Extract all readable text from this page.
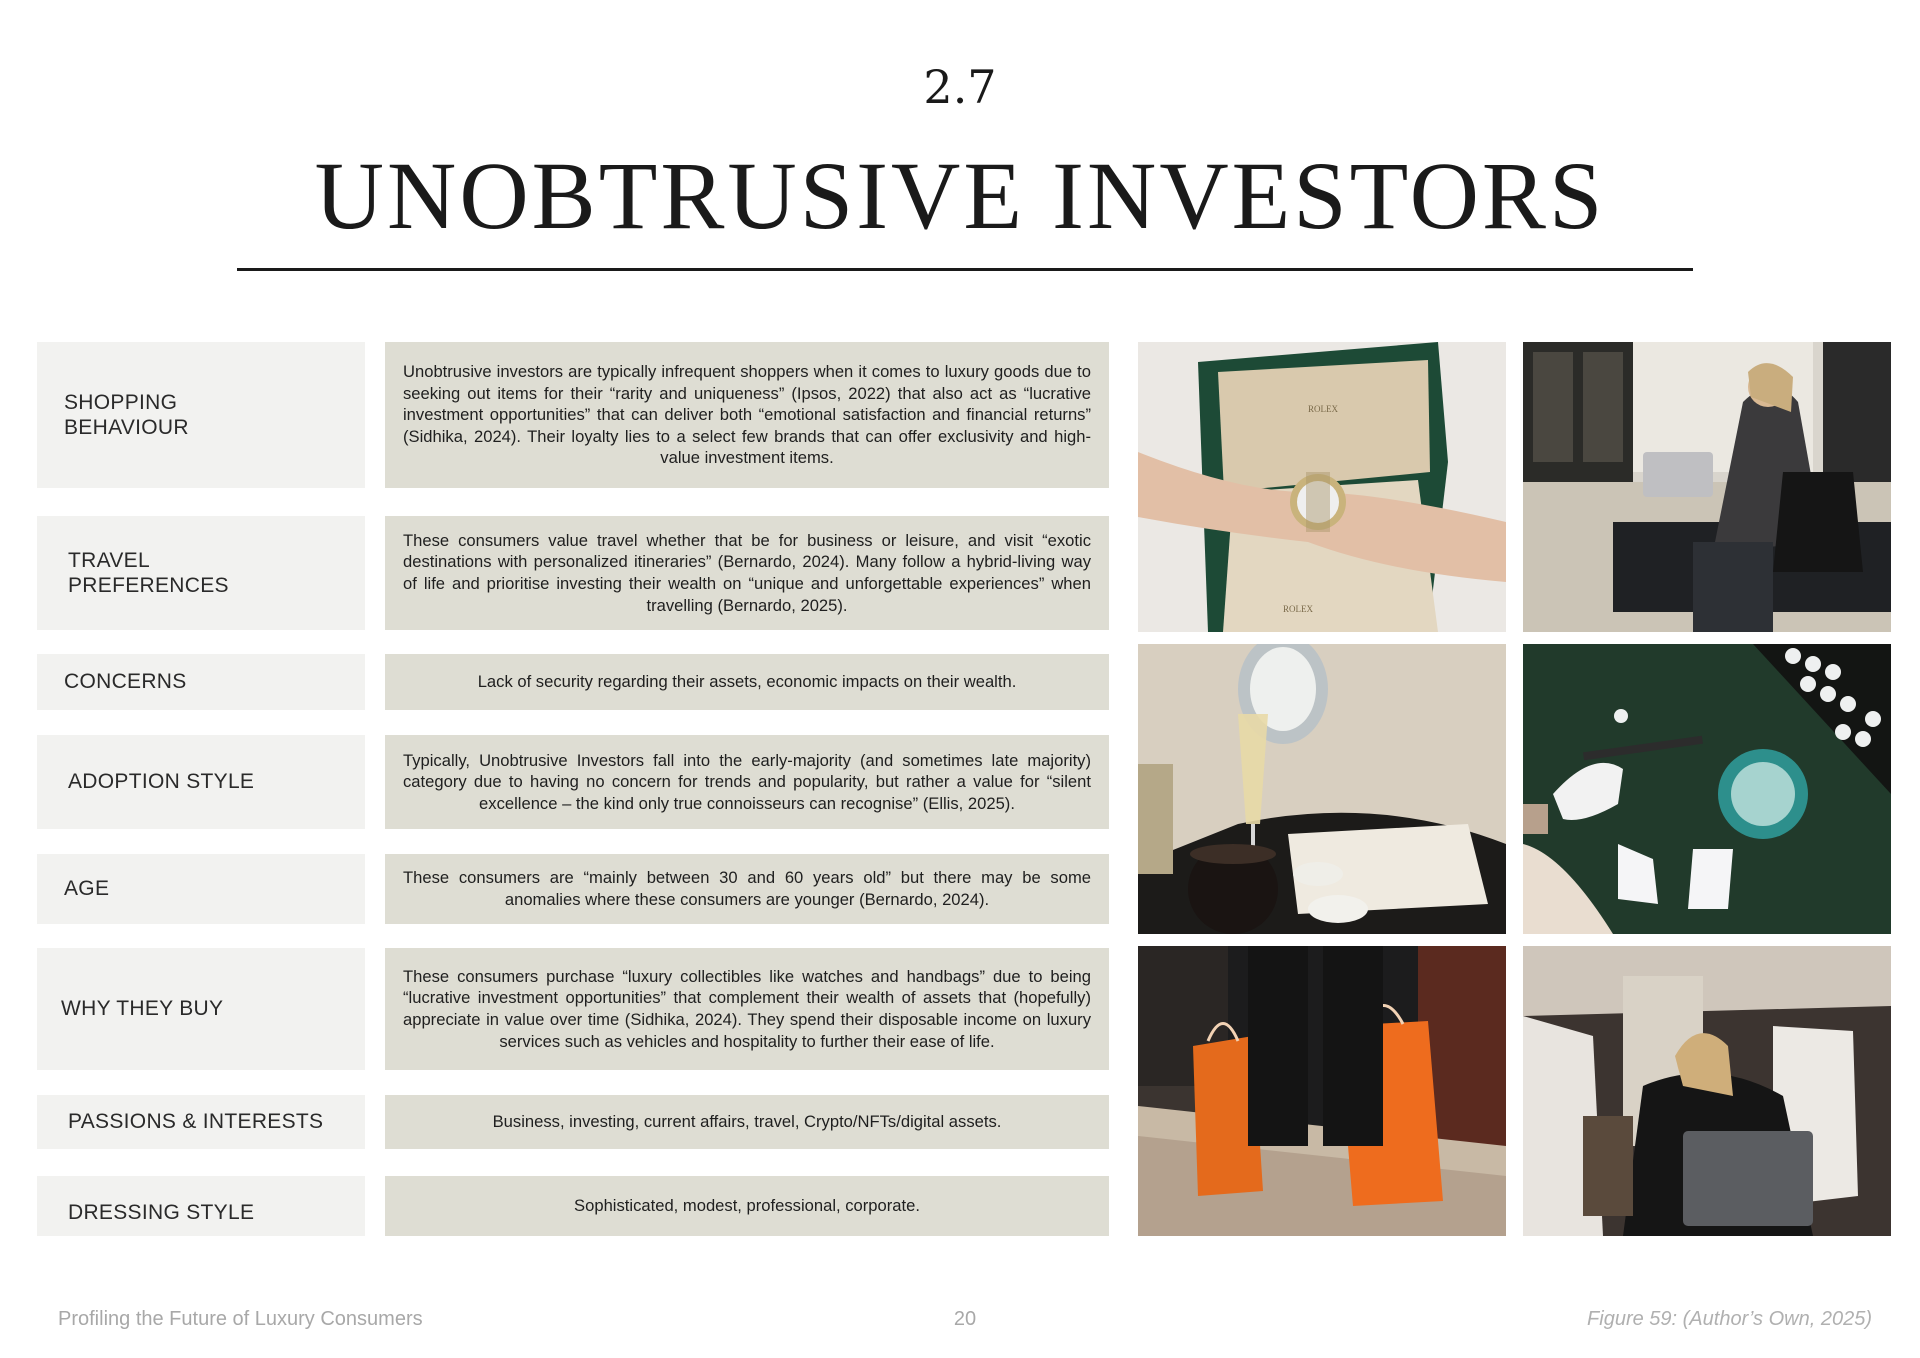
2.7
UNOBTRUSIVE INVESTORS
SHOPPING
BEHAVIOUR
Unobtrusive investors are typically infrequent shoppers when it comes to luxury goods due to seeking out items for their “rarity and uniqueness” (Ipsos, 2022) that also act as “lucrative investment opportunities” that can deliver both “emotional satisfaction and financial returns” (Sidhika, 2024). Their loyalty lies to a select few brands that can offer exclusivity and high-value investment items.
TRAVEL
PREFERENCES
These consumers value travel whether that be for business or leisure, and visit “exotic destinations with personalized itineraries” (Bernardo, 2024). Many follow a hybrid-living way of life and prioritise investing their wealth on “unique and unforgettable experiences” when travelling (Bernardo, 2025).
CONCERNS	Lack of security regarding their assets, economic impacts on their wealth.
ADOPTION STYLE
Typically, Unobtrusive Investors fall into the early-majority (and sometimes late majority) category due to having no concern for trends and popularity, but rather a value for “silent excellence – the kind only true connoisseurs can recognise” (Ellis, 2025).
AGE	These consumers are “mainly between 30 and 60 years old” but there may be some anomalies where these consumers are younger (Bernardo, 2024).
WHY THEY BUY
These consumers purchase “luxury collectibles like watches and handbags” due to being “lucrative investment opportunities” that complement their wealth of assets that (hopefully) appreciate in value over time (Sidhika, 2024). They spend their disposable income on luxury services such as vehicles and hospitality to further their ease of life.
PASSIONS & INTERESTS	Business, investing, current affairs, travel, Crypto/NFTs/digital assets.
DRESSING STYLE	Sophisticated, modest, professional, corporate.
ROLEX
ROLEX
Profiling the Future of Luxury Consumers	20	Figure 59: (Author’s Own, 2025)
